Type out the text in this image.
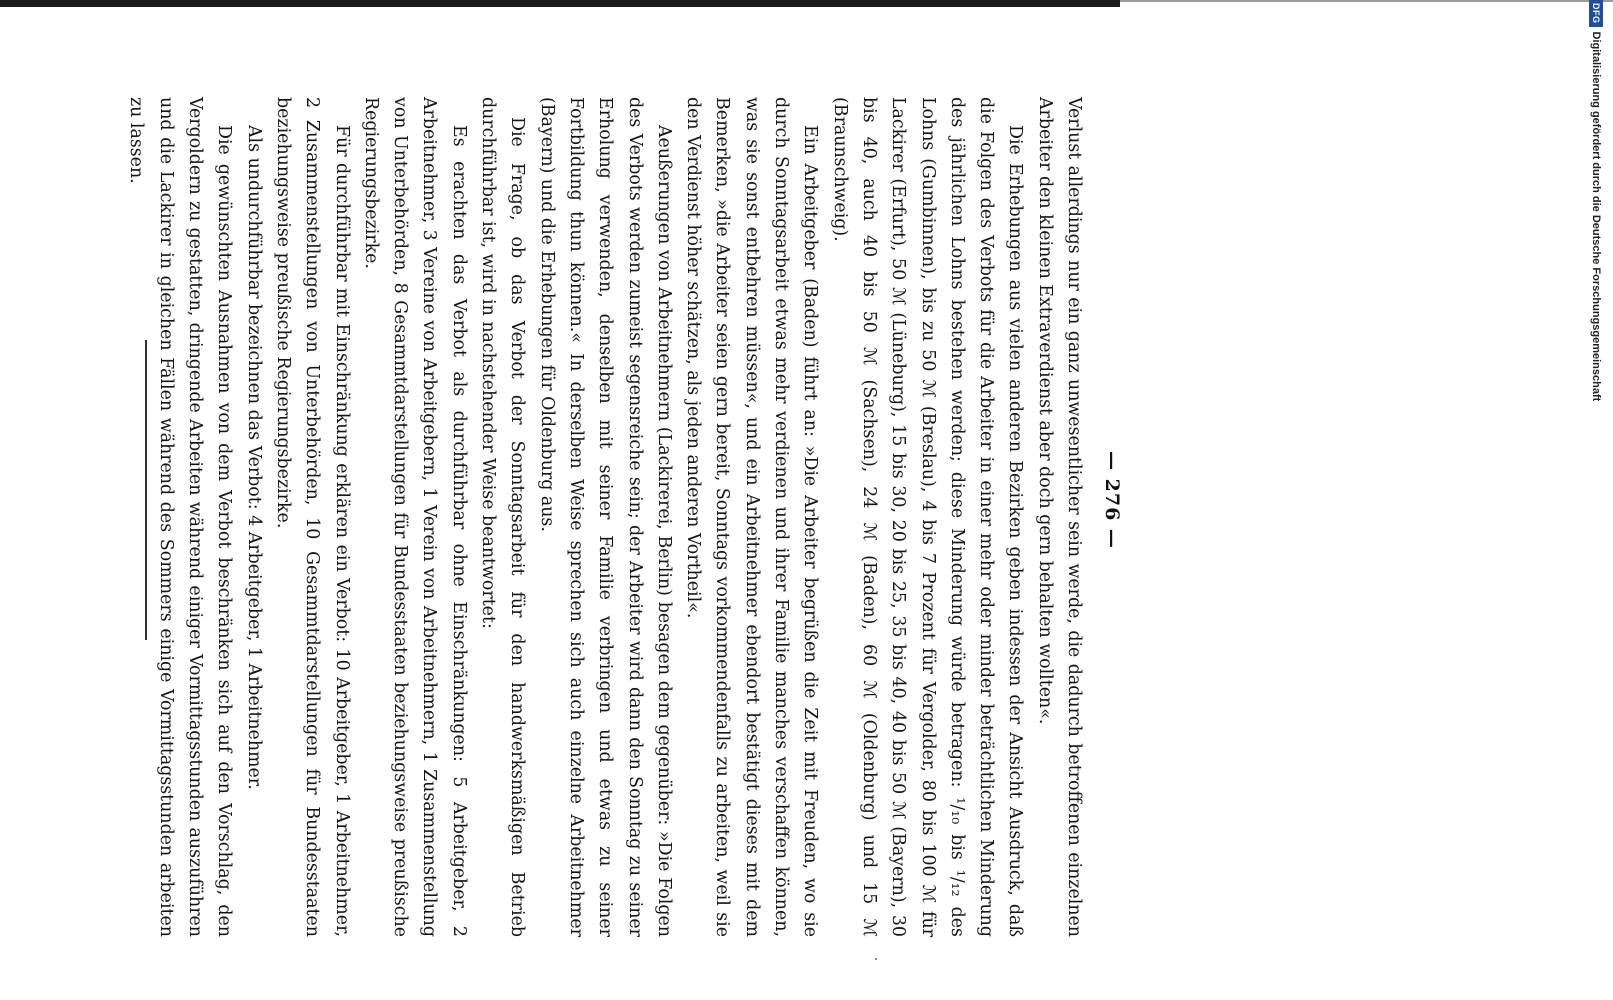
— 276 —

Verlust allerdings nur ein ganz unwesentlicher sein werde, die dadurch betroffenen einzelnen Arbeiter den kleinen Extraverdienst aber doch gern behalten wollten«.

Die Erhebungen aus vielen anderen Bezirken geben indessen der Ansicht Ausdruck, daß die Folgen des Verbots für die Arbeiter in einer mehr oder minder beträchtlichen Minderung des jährlichen Lohns bestehen werden; diese Minderung würde betragen: ¹/₁₀ bis ¹/₁₂ des Lohns (Gumbinnen), bis zu 50 ℳ (Breslau), 4 bis 7 Prozent für Vergolder, 80 bis 100 ℳ für Lackirer (Erfurt), 50 ℳ (Lüneburg), 15 bis 30, 20 bis 25, 35 bis 40, 40 bis 50 ℳ (Bayern), 30 bis 40, auch 40 bis 50 ℳ (Sachsen), 24 ℳ (Baden), 60 ℳ (Oldenburg) und 15 ℳ (Braunschweig).

Ein Arbeitgeber (Baden) führt an: »Die Arbeiter begrüßen die Zeit mit Freuden, wo sie durch Sonntagsarbeit etwas mehr verdienen und ihrer Familie manches verschaffen können, was sie sonst entbehren müssen«, und ein Arbeitnehmer ebendort bestätigt dieses mit dem Bemerken, »die Arbeiter seien gern bereit, Sonntags vorkommendenfalls zu arbeiten, weil sie den Verdienst höher schätzen, als jeden anderen Vortheil«.

Aeußerungen von Arbeitnehmern (Lackirerei, Berlin) besagen dem gegenüber: »Die Folgen des Verbots werden zumeist segensreiche sein; der Arbeiter wird dann den Sonntag zu seiner Erholung verwenden, denselben mit seiner Familie verbringen und etwas zu seiner Fortbildung thun können.« In derselben Weise sprechen sich auch einzelne Arbeitnehmer (Bayern) und die Erhebungen für Oldenburg aus.

Die Frage, ob das Verbot der Sonntagsarbeit für den handwerksmäßigen Betrieb durchführbar ist, wird in nachstehender Weise beantwortet:

Es erachten das Verbot als durchführbar ohne Einschränkungen: 5 Arbeitgeber, 2 Arbeitnehmer, 3 Vereine von Arbeitgebern, 1 Verein von Arbeitnehmern, 1 Zusammenstellung von Unterbehörden, 8 Gesammtdarstellungen für Bundesstaaten beziehungsweise preußische Regierungsbezirke.

Für durchführbar mit Einschränkung erklären ein Verbot: 10 Arbeitgeber, 1 Arbeitnehmer, 2 Zusammenstellungen von Unterbehörden, 10 Gesammtdarstellungen für Bundesstaaten beziehungsweise preußische Regierungsbezirke.

Als undurchführbar bezeichnen das Verbot: 4 Arbeitgeber, 1 Arbeitnehmer.

Die gewünschten Ausnahmen von dem Verbot beschränken sich auf den Vorschlag, den Vergoldern zu gestatten, dringende Arbeiten während einiger Vormittagsstunden auszuführen und die Lackirer in gleichen Fällen während des Sommers einige Vormittagsstunden arbeiten zu lassen.

DFG
Digitalisierung gefördert durch die Deutsche Forschungsgemeinschaft
